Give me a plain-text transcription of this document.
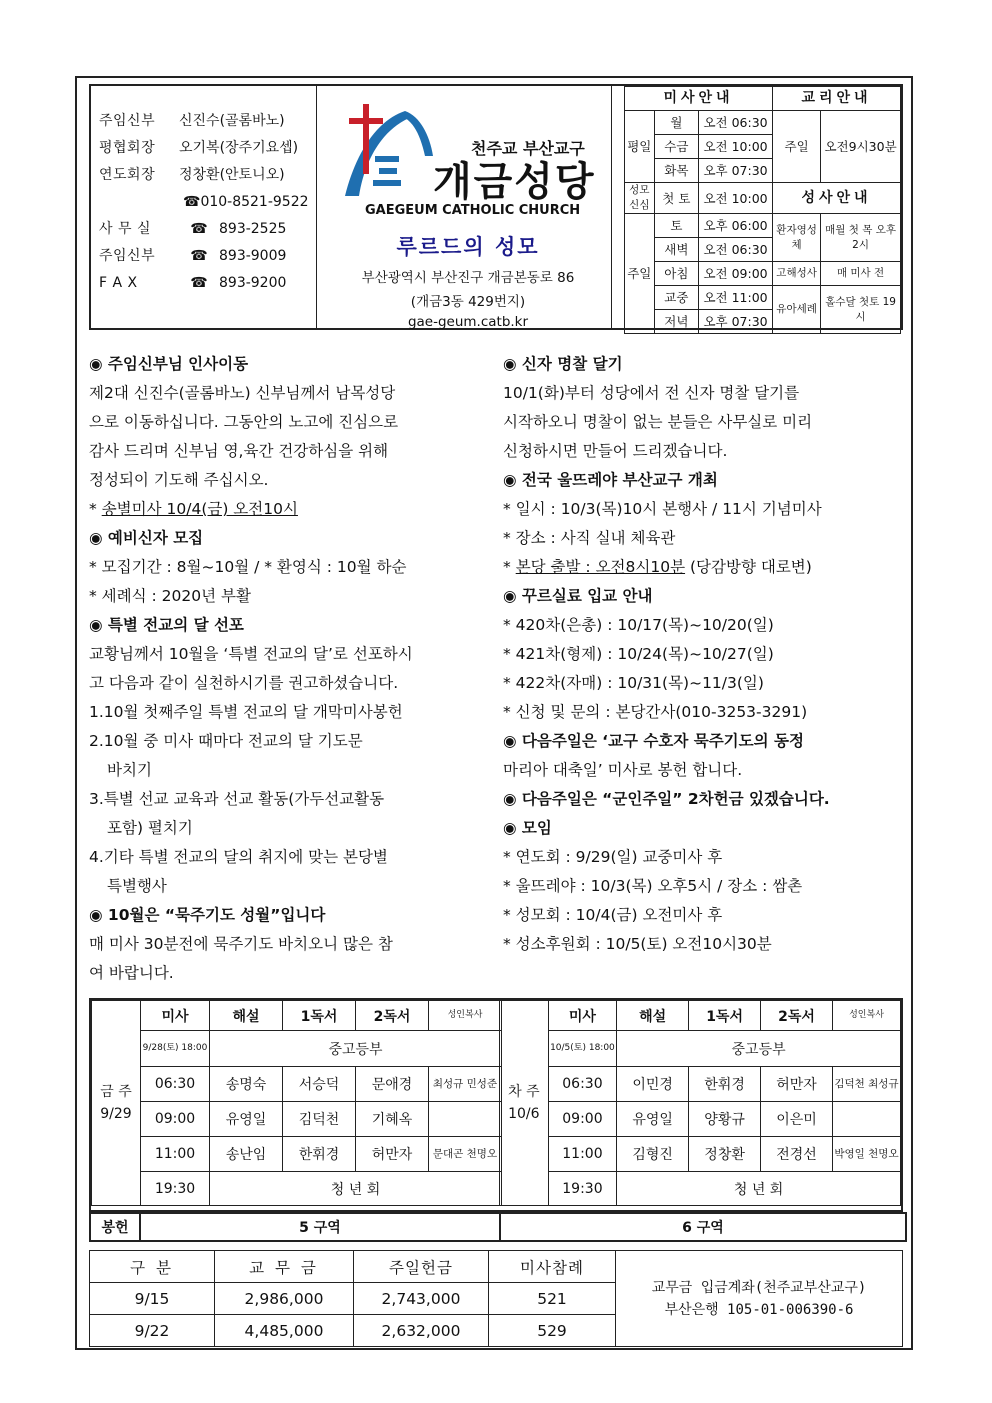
주임신부	신진수(골롬바노)
평협회장	오기복(장주기요셉)
연도회장	정창환(안토니오)
☎010-8521-9522
사 무 실	☎ 893-2525
주임신부	☎ 893-9009
F A X	☎ 893-9200
천주교 부산교구
개금성당
GAEGEUM CATHOLIC CHURCH
루르드의 성모
부산광역시 부산진구 개금본동로 86
(개금3동 429번지)
gae-geum.catb.kr
미사안내			교리안내	
평일	월	오전 06:30	주일	오전9시30분
	수금	오전 10:00		
	화목	오후 07:30		
성모신심	첫 토	오전 10:00	성사안내	
주일	토	오후 06:00	환자영성체	매월 첫 목 오후 2시
	새벽	오전 06:30		
	아침	오전 09:00	고해성사	매 미사 전
	교중	오전 11:00	유아세례	홀수달 첫토 19시
	저녁	오후 07:30		
◉ 주임신부님 인사이동
제2대 신진수(골롬바노) 신부님께서 남목성당
으로 이동하십니다. 그동안의 노고에 진심으로
감사 드리며 신부님 영,육간 건강하심을 위해
정성되이 기도해 주십시오.
* 송별미사 10/4(금) 오전10시
◉ 예비신자 모집
* 모집기간 : 8월~10월 / * 환영식 : 10월 하순
* 세례식 : 2020년 부활
◉ 특별 전교의 달 선포
교황님께서 10월을 ‘특별 전교의 달’로 선포하시
고 다음과 같이 실천하시기를 권고하셨습니다.
1.10월 첫째주일 특별 전교의 달 개막미사봉헌
2.10월 중 미사 때마다 전교의 달 기도문
바치기
3.특별 선교 교육과 선교 활동(가두선교활동
포함) 펼치기
4.기타 특별 전교의 달의 취지에 맞는 본당별
특별행사
◉ 10월은 “묵주기도 성월”입니다
매 미사 30분전에 묵주기도 바치오니 많은 참
여 바랍니다.
◉ 신자 명찰 달기
10/1(화)부터 성당에서 전 신자 명찰 달기를
시작하오니 명찰이 없는 분들은 사무실로 미리
신청하시면 만들어 드리겠습니다.
◉ 전국 울뜨레야 부산교구 개최
* 일시 : 10/3(목)10시 본행사 / 11시 기념미사
* 장소 : 사직 실내 체육관
* 본당 출발 : 오전8시10분 (당감방향 대로변)
◉ 꾸르실료 입교 안내
* 420차(은총) : 10/17(목)~10/20(일)
* 421차(형제) : 10/24(목)~10/27(일)
* 422차(자매) : 10/31(목)~11/3(일)
* 신청 및 문의 : 본당간사(010-3253-3291)
◉ 다음주일은 ‘교구 수호자 묵주기도의 동정
마리아 대축일’ 미사로 봉헌 합니다.
◉ 다음주일은 “군인주일” 2차헌금 있겠습니다.
◉ 모임
* 연도회 : 9/29(일) 교중미사 후
* 울뜨레야 : 10/3(목) 오후5시 / 장소 : 쌈촌
* 성모회 : 10/4(금) 오전미사 후
* 성소후원회 : 10/5(토) 오전10시30분
금 주 9/29	미사	해설	1독서	2독서	성인복사
	9/28(토) 18:00	중고등부			
	06:30	송명숙	서승덕	문애경	최성규 민성준
	09:00	유영일	김덕천	기혜옥	
	11:00	송난임	한휘경	허만자	문대곤 천명오
	19:30	청 년 회			
차 주 10/6	미사	해설	1독서	2독서	성인복사
	10/5(토) 18:00	중고등부			
	06:30	이민경	한휘경	허만자	김덕천 최성규
	09:00	유영일	양황규	이은미	
	11:00	김형진	정창환	전경선	박영일 천명오
	19:30	청 년 회			
봉헌	5 구역	6 구역
구 분	교 무 금	주일헌금	미사참례	교무금 입금계좌(천주교부산교구)
부산은행 105-01-006390-6

9/15	2,986,000	2,743,000	521	
9/22	4,485,000	2,632,000	529	
